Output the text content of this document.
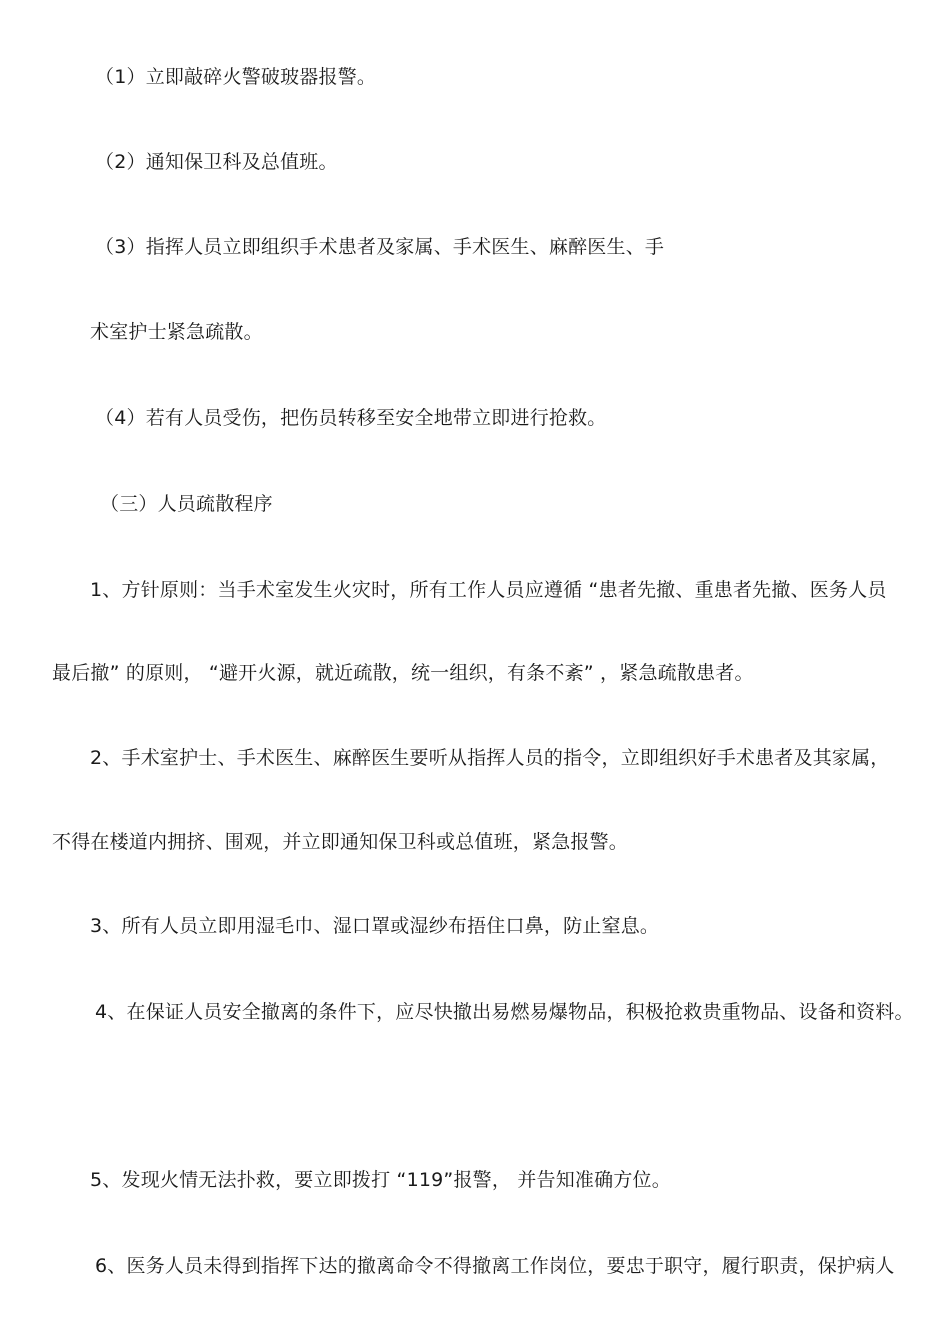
（1）立即敲碎火警破玻器报警。
（2）通知保卫科及总值班。
（3）指挥人员立即组织手术患者及家属、手术医生、麻醉医生、手
术室护士紧急疏散。
（4）若有人员受伤，把伤员转移至安全地带立即进行抢救。
（三）人员疏散程序
1、方针原则：当手术室发生火灾时，所有工作人员应遵循 “患者先撤、重患者先撤、医务人员
最后撤” 的原则， “避开火源，就近疏散，统一组织，有条不紊” ，紧急疏散患者。
2、手术室护士、手术医生、麻醉医生要听从指挥人员的指令，立即组织好手术患者及其家属，
不得在楼道内拥挤、围观，并立即通知保卫科或总值班，紧急报警。
3、所有人员立即用湿毛巾、湿口罩或湿纱布捂住口鼻，防止窒息。
4、在保证人员安全撤离的条件下，应尽快撤出易燃易爆物品，积极抢救贵重物品、设备和资料。
5、发现火情无法扑救，要立即拨打 “119”报警， 并告知准确方位。
6、医务人员未得到指挥下达的撤离命令不得撤离工作岗位，要忠于职守，履行职责，保护病人
